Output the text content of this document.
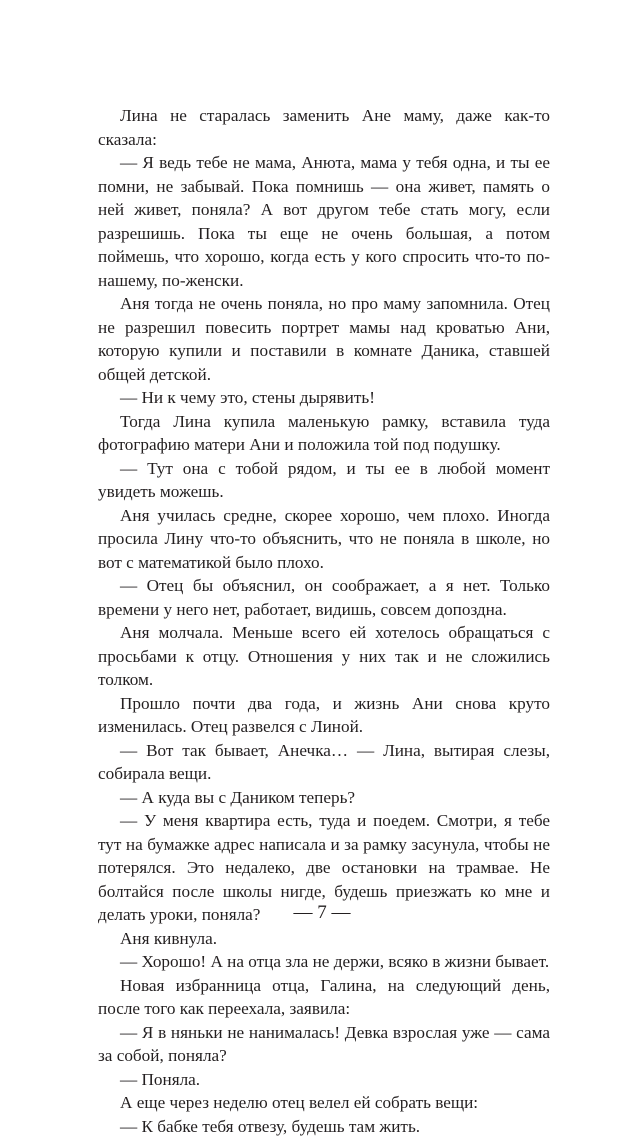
Лина не старалась заменить Ане маму, даже как-то сказала:

— Я ведь тебе не мама, Анюта, мама у тебя одна, и ты ее помни, не забывай. Пока помнишь — она живет, память о ней живет, поняла? А вот другом тебе стать могу, если разрешишь. Пока ты еще не очень большая, а потом поймешь, что хорошо, когда есть у кого спросить что-то по-нашему, по-женски.

Аня тогда не очень поняла, но про маму запомнила. Отец не разрешил повесить портрет мамы над кроватью Ани, которую купили и поставили в комнате Даника, ставшей общей детской.

— Ни к чему это, стены дырявить!

Тогда Лина купила маленькую рамку, вставила туда фотографию матери Ани и положила той под подушку.

— Тут она с тобой рядом, и ты ее в любой момент увидеть можешь.

Аня училась средне, скорее хорошо, чем плохо. Иногда просила Лину что-то объяснить, что не поняла в школе, но вот с математикой было плохо.

— Отец бы объяснил, он соображает, а я нет. Только времени у него нет, работает, видишь, совсем допоздна.

Аня молчала. Меньше всего ей хотелось обращаться с просьбами к отцу. Отношения у них так и не сложились толком.

Прошло почти два года, и жизнь Ани снова круто изменилась. Отец развелся с Линой.

— Вот так бывает, Анечка… — Лина, вытирая слезы, собирала вещи.

— А куда вы с Даником теперь?

— У меня квартира есть, туда и поедем. Смотри, я тебе тут на бумажке адрес написала и за рамку засунула, чтобы не потерялся. Это недалеко, две остановки на трамвае. Не болтайся после школы нигде, будешь приезжать ко мне и делать уроки, поняла?

Аня кивнула.

— Хорошо! А на отца зла не держи, всяко в жизни бывает.

Новая избранница отца, Галина, на следующий день, после того как переехала, заявила:

— Я в няньки не нанималась! Девка взрослая уже — сама за собой, поняла?

— Поняла.

А еще через неделю отец велел ей собрать вещи:

— К бабке тебя отвезу, будешь там жить.

— 7 —
